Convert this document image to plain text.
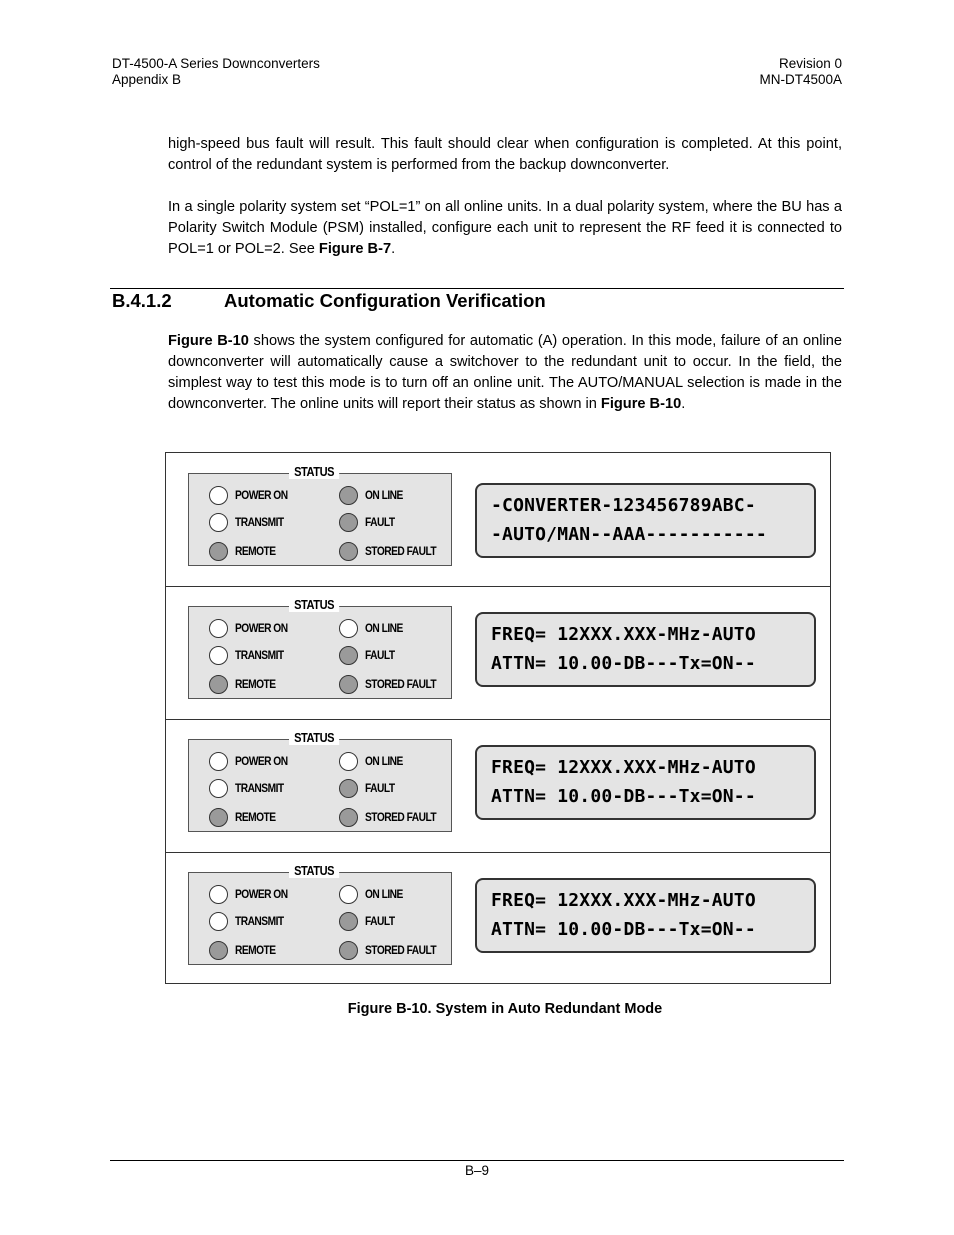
DT-4500-A Series Downconverters
Appendix B
Revision 0
MN-DT4500A
high-speed bus fault will result. This fault should clear when configuration is completed. At this point, control of the redundant system is performed from the backup downconverter.
In a single polarity system set “POL=1” on all online units. In a dual polarity system, where the BU has a Polarity Switch Module (PSM) installed, configure each unit to represent the RF feed it is connected to POL=1 or POL=2. See Figure B-7.
B.4.1.2	Automatic Configuration Verification
Figure B-10 shows the system configured for automatic (A) operation. In this mode, failure of an online downconverter will automatically cause a switchover to the redundant unit to occur. In the field, the simplest way to test this mode is to turn off an online unit. The AUTO/MANUAL selection is made in the downconverter. The online units will report their status as shown in Figure B-10.
STATUS
POWER ON
TRANSMIT
REMOTE
ON LINE
FAULT
STORED FAULT
-CONVERTER-123456789ABC-
-AUTO/MAN--AAA-----------
STATUS
POWER ON
TRANSMIT
REMOTE
ON LINE
FAULT
STORED FAULT
FREQ= 12XXX.XXX-MHz-AUTO
ATTN= 10.00-DB---Tx=ON--
STATUS
POWER ON
TRANSMIT
REMOTE
ON LINE
FAULT
STORED FAULT
FREQ= 12XXX.XXX-MHz-AUTO
ATTN= 10.00-DB---Tx=ON--
STATUS
POWER ON
TRANSMIT
REMOTE
ON LINE
FAULT
STORED FAULT
FREQ= 12XXX.XXX-MHz-AUTO
ATTN= 10.00-DB---Tx=ON--
Figure B-10. System in Auto Redundant Mode
B–9
